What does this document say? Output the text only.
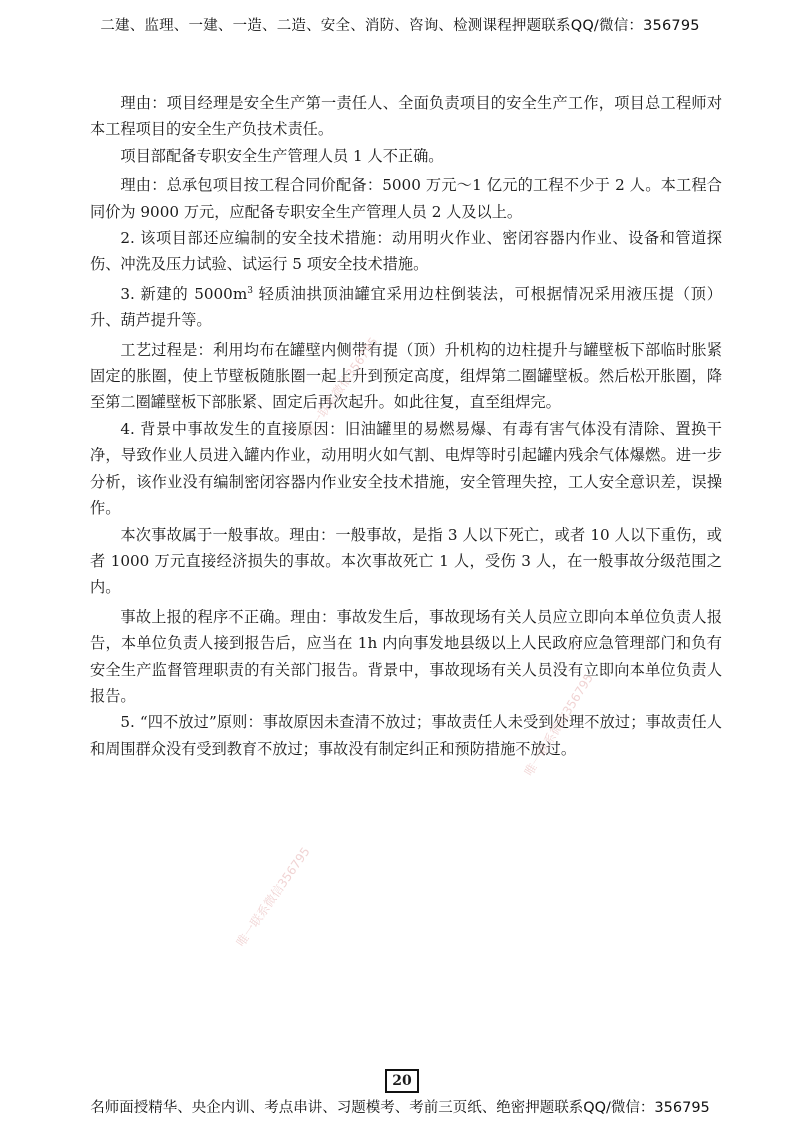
二建、监理、一建、一造、二造、安全、消防、咨询、检测课程押题联系QQ/微信：356795

理由：项目经理是安全生产第一责任人、全面负责项目的安全生产工作，项目总工程师对本工程项目的安全生产负技术责任。

项目部配备专职安全生产管理人员 1 人不正确。

理由：总承包项目按工程合同价配备：5000 万元～1 亿元的工程不少于 2 人。本工程合同价为 9000 万元，应配备专职安全生产管理人员 2 人及以上。

2. 该项目部还应编制的安全技术措施：动用明火作业、密闭容器内作业、设备和管道探伤、冲洗及压力试验、试运行 5 项安全技术措施。

3. 新建的 $5000m^3$ 轻质油拱顶油罐宜采用边柱倒装法，可根据情况采用液压提（顶）升、葫芦提升等。

工艺过程是：利用均布在罐壁内侧带有提（顶）升机构的边柱提升与罐壁板下部临时胀紧固定的胀圈，使上节壁板随胀圈一起上升到预定高度，组焊第二圈罐壁板。然后松开胀圈，降至第二圈罐壁板下部胀紧、固定后再次起升。如此往复，直至组焊完。

4. 背景中事故发生的直接原因：旧油罐里的易燃易爆、有毒有害气体没有清除、置换干净，导致作业人员进入罐内作业，动用明火如气割、电焊等时引起罐内残余气体爆燃。进一步分析，该作业没有编制密闭容器内作业安全技术措施，安全管理失控，工人安全意识差，误操作。

本次事故属于一般事故。理由：一般事故，是指 3 人以下死亡，或者 10 人以下重伤，或者 1000 万元直接经济损失的事故。本次事故死亡 1 人，受伤 3 人，在一般事故分级范围之内。

事故上报的程序不正确。理由：事故发生后，事故现场有关人员应立即向本单位负责人报告，本单位负责人接到报告后，应当在 1h 内向事发地县级以上人民政府应急管理部门和负有安全生产监督管理职责的有关部门报告。背景中，事故现场有关人员没有立即向本单位负责人报告。

5. “四不放过”原则：事故原因未查清不放过；事故责任人未受到处理不放过；事故责任人和周围群众没有受到教育不放过；事故没有制定纠正和预防措施不放过。

唯一联系微信356795
唯一联系微信356795
唯一联系微信356795
20
名师面授精华、央企内训、考点串讲、习题模考、考前三页纸、绝密押题联系QQ/微信：356795
